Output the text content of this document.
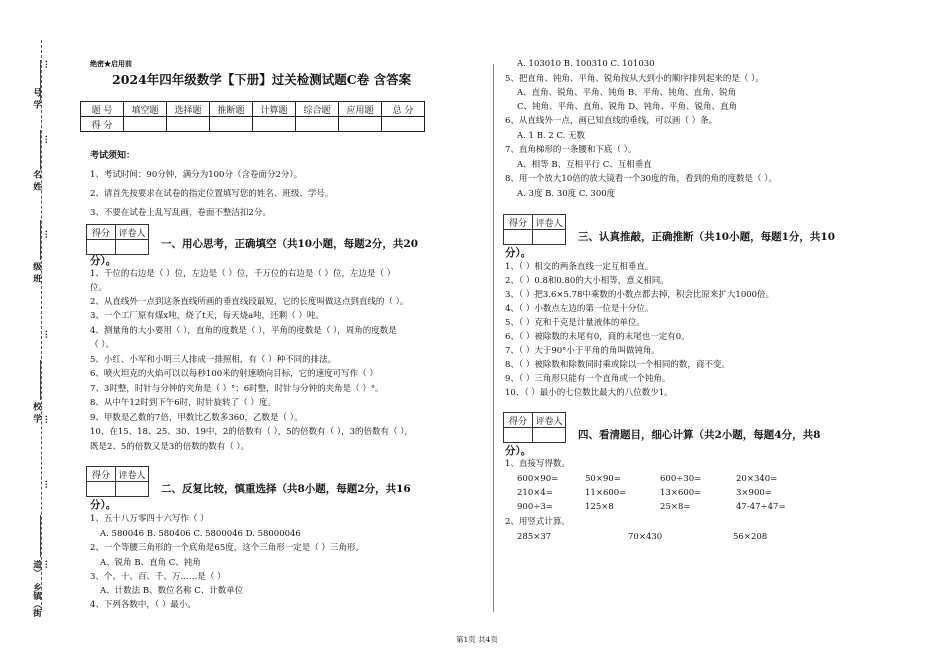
…
…
…
…
…
…
…
号
学
名
姓
级
班
校
学
道）
乡镇（街
绝密★启用前
2024年四年级数学【下册】过关检测试题C卷 含答案
题 号	填空题	选择题	推断题	计算题	综合题	应用题	总 分
得 分							
考试须知：
1、考试时间：90分钟，满分为100分（含卷面分2分）。
2、请首先按要求在试卷的指定位置填写您的姓名、班级、学号。
3、不要在试卷上乱写乱画，卷面不整洁扣2分。
得分	评卷人

一、用心思考，正确填空（共10小题，每题2分，共20
分）。
1、千位的右边是（ ）位，左边是（ ）位，千万位的右边是（ ）位，左边是（ ）
位。
2、从直线外一点到这条直线所画的垂直线段最短，它的长度叫做这点到直线的（ ）。
3、一个工厂原有煤x吨，烧了t天，每天烧a吨，还剩（ ）吨。
4、测量角的大小要用（ ），直角的度数是（ ），平角的度数是（ ），周角的度数是
（ ）。
5、小红、小军和小明三人排成一排照相，有（ ）种不同的排法。
6、喷火坦克的火焰可以以每秒100米的射速喷向目标，它的速度可写作（ ）
7、3时整，时针与分钟的夹角是（ ）°；6时整，时针与分钟的夹角是（ ）°。
8、从中午12时到下午6时，时针旋转了（ ）度。
9、甲数是乙数的7倍，甲数比乙数多360，乙数是（ ）。
10、在15、18、25、30、19中，2的倍数有（ ），5的倍数有（ ），3的倍数有（ ），
既是2、5的倍数又是3的倍数的数有（ ）。
得分	评卷人

二、反复比较，慎重选择（共8小题，每题2分，共16
分）。
1、五十八万零四十六写作（ ）
A. 580046 B. 580406 C. 5800046 D. 58000046
2、一个等腰三角形的一个底角是65度，这个三角形一定是（ ）三角形。
A、锐角 B、直角 C、钝角
3、个、十、百、千、万……是（ ）
A、计数法 B、数位名称 C、计数单位
4、下列各数中，（ ）最小。
A. 103010 B. 100310 C. 101030
5、把直角、钝角、平角、锐角按从大到小的顺序排列起来的是（ ）。
A、直角、锐角、平角、钝角 B、平角、钝角、直角、锐角
C、钝角、平角、直角、锐角 D、钝角、平角、锐角、直角
6、从直线外一点，画已知直线的垂线，可以画（ ）条。
A. 1 B. 2 C. 无数
7、直角梯形的一条腰和下底（ ）。
A、相等 B、互相平行 C、互相垂直
8、用一个放大10倍的放大镜看一个30度的角，看到的角的度数是（ ）。
A. 3度 B. 30度 C. 300度
得分	评卷人

三、认真推敲，正确推断（共10小题，每题1分，共10
分）。
1、（ ）相交的两条直线一定互相垂直。
2、（ ）0.8和0.80的大小相等，意义相同。
3、（ ）把3.6×5.78中乘数的小数点都去掉，积会比原来扩大1000倍。
4、（ ）小数点左边的第一位是十分位。
5、（ ）克和千克是计量液体的单位。
6、（ ）被除数的末尾有0，商的末尾也一定有0。
7、（ ）大于90°小于平角的角叫做钝角。
8、（ ）被除数和除数同时乘或除以一个相同的数，商不变。
9、（ ）三角形只能有一个直角或一个钝角。
10、（ ）最小的七位数比最大的八位数少1。
得分	评卷人

四、看清题目，细心计算（共2小题，每题4分，共8
分）。
1、直接写得数。
600×90=	50×90=	600÷30=	20×340=
210×4=	11×600=	13×600=	3×900=
900÷3=	125×8	25×8=	47-47÷47=
2、用竖式计算。
285×37	70×430	56×208
第1页 共4页
